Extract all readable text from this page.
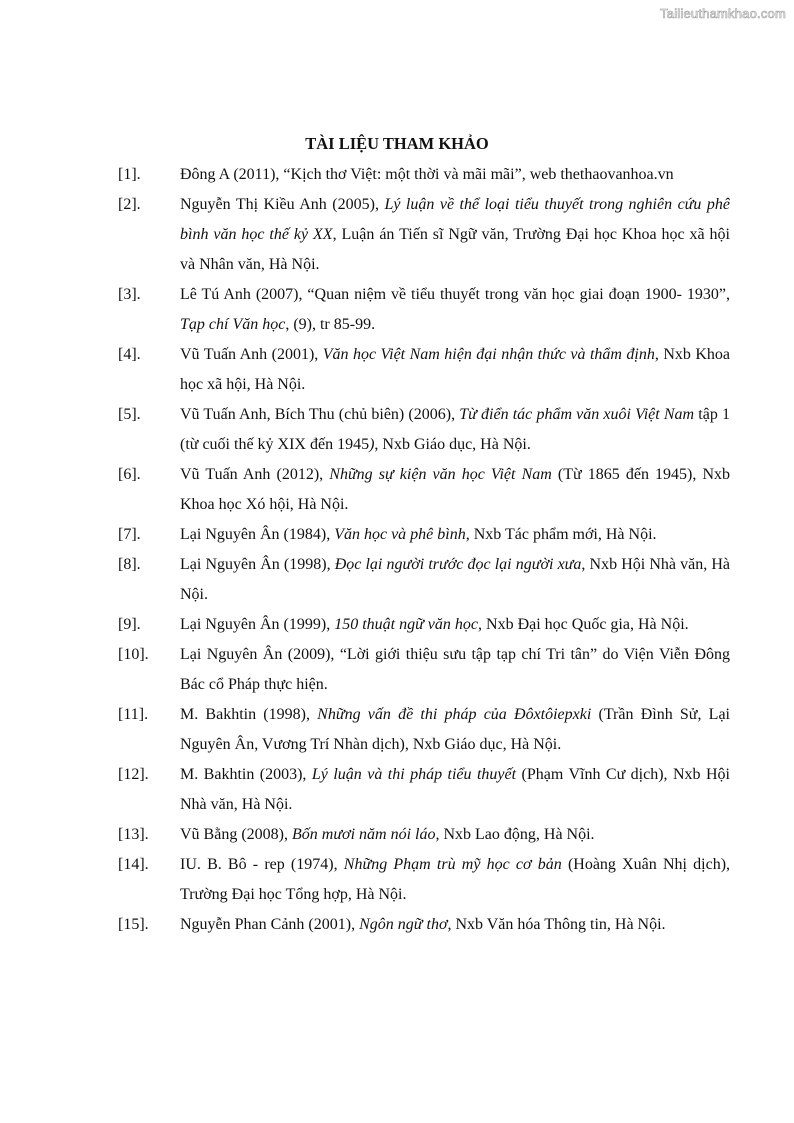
Tailieuthamkhao.com
TÀI LIỆU THAM KHẢO
[1].	Đông A (2011), “Kịch thơ Việt: một thời và mãi mãi”, web thethaovanhoa.vn
[2].	Nguyễn Thị Kiều Anh (2005), Lý luận về thể loại tiểu thuyết trong nghiên cứu phê bình văn học thế kỷ XX, Luận án Tiến sĩ Ngữ văn, Trường Đại học Khoa học xã hội và Nhân văn, Hà Nội.
[3].	Lê Tú Anh (2007), “Quan niệm về tiểu thuyết trong văn học giai đoạn 1900- 1930”, Tạp chí Văn học, (9), tr 85-99.
[4].	Vũ Tuấn Anh (2001), Văn học Việt Nam hiện đại nhận thức và thẩm định, Nxb Khoa học xã hội, Hà Nội.
[5].	Vũ Tuấn Anh, Bích Thu (chủ biên) (2006), Từ điển tác phẩm văn xuôi Việt Nam tập 1 (từ cuối thế kỷ XIX đến 1945), Nxb Giáo dục, Hà Nội.
[6].	Vũ Tuấn Anh (2012), Những sự kiện văn học Việt Nam (Từ 1865 đến 1945), Nxb Khoa học Xó hội, Hà Nội.
[7].	Lại Nguyên Ân (1984), Văn học và phê bình, Nxb Tác phẩm mới, Hà Nội.
[8].	Lại Nguyên Ân (1998), Đọc lại người trước đọc lại người xưa, Nxb Hội Nhà văn, Hà Nội.
[9].	Lại Nguyên Ân (1999), 150 thuật ngữ văn học, Nxb Đại học Quốc gia, Hà Nội.
[10].	Lại Nguyên Ân (2009), “Lời giới thiệu sưu tập tạp chí Tri tân” do Viện Viễn Đông Bác cổ Pháp thực hiện.
[11].	M. Bakhtin (1998), Những vấn đề thi pháp của Đôxtôiepxki (Trần Đình Sử, Lại Nguyên Ân, Vương Trí Nhàn dịch), Nxb Giáo dục, Hà Nội.
[12].	M. Bakhtin (2003), Lý luận và thi pháp tiểu thuyết (Phạm Vĩnh Cư dịch), Nxb Hội Nhà văn, Hà Nội.
[13].	Vũ Bằng (2008), Bốn mươi năm nói láo, Nxb Lao động, Hà Nội.
[14].	IU. B. Bô - rep (1974), Những Phạm trù mỹ học cơ bản (Hoàng Xuân Nhị dịch), Trường Đại học Tổng hợp, Hà Nội.
[15].	Nguyễn Phan Cảnh (2001), Ngôn ngữ thơ, Nxb Văn hóa Thông tin, Hà Nội.
